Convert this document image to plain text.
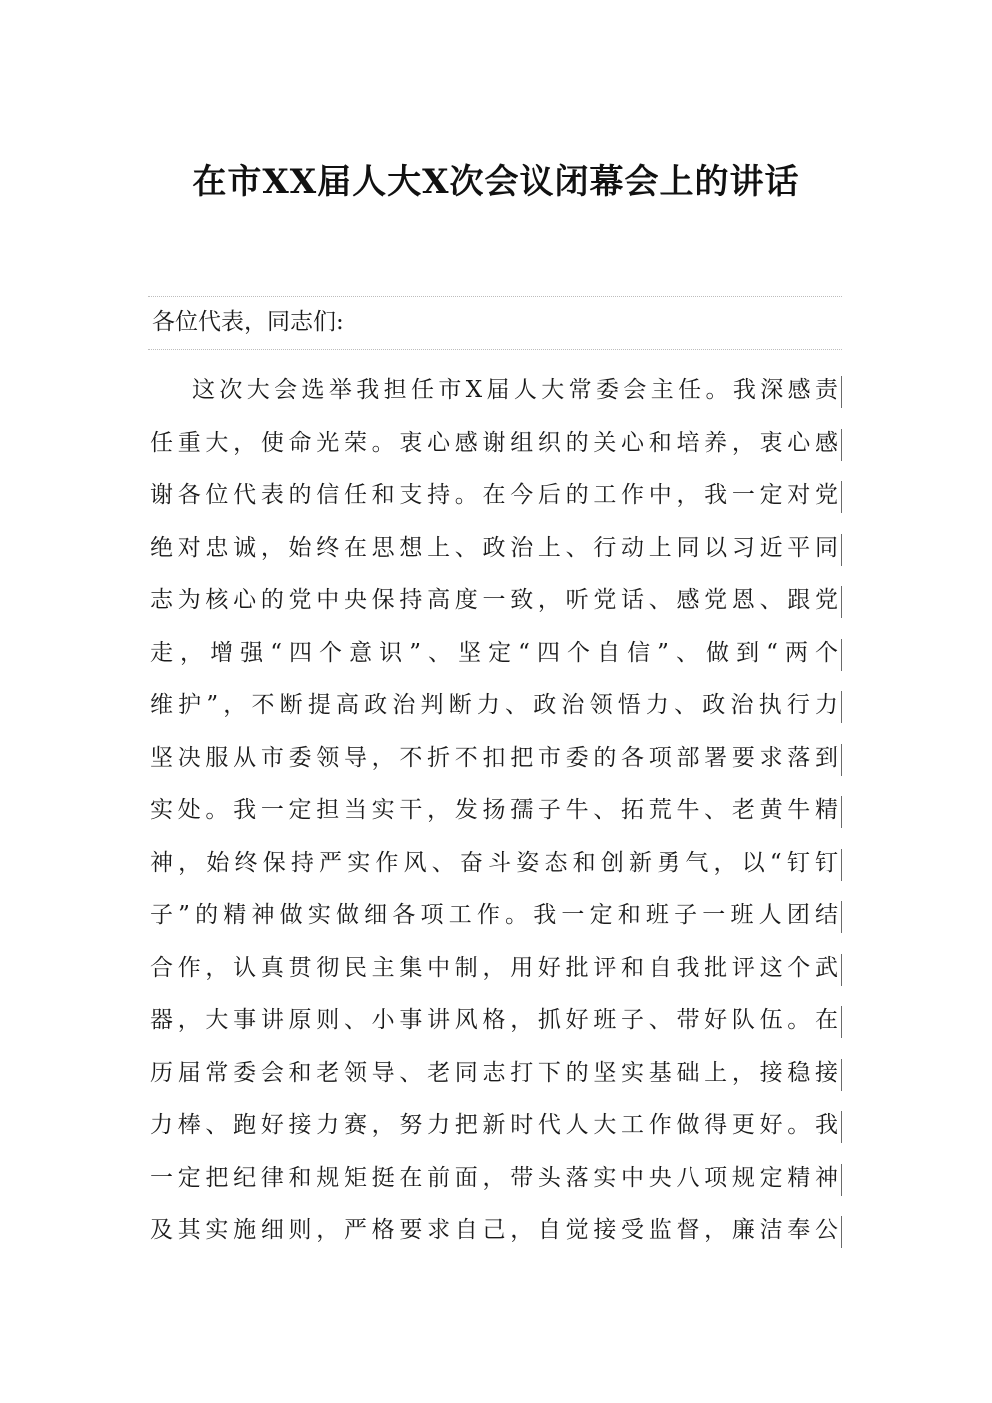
在市XX届人大X次会议闭幕会上的讲话
各位代表，同志们:
这次大会选举我担任市X届人大常委会主任。我深感责
任重大，使命光荣。衷心感谢组织的关心和培养，衷心感
谢各位代表的信任和支持。在今后的工作中，我一定对党
绝对忠诚，始终在思想上、政治上、行动上同以习近平同
志为核心的党中央保持高度一致，听党话、感党恩、跟党
走，增强“四个意识”、坚定“四个自信”、做到“两个
维护”，不断提高政治判断力、政治领悟力、政治执行力
坚决服从市委领导，不折不扣把市委的各项部署要求落到
实处。我一定担当实干，发扬孺子牛、拓荒牛、老黄牛精
神，始终保持严实作风、奋斗姿态和创新勇气，以“钉钉
子”的精神做实做细各项工作。我一定和班子一班人团结
合作，认真贯彻民主集中制，用好批评和自我批评这个武
器，大事讲原则、小事讲风格，抓好班子、带好队伍。在
历届常委会和老领导、老同志打下的坚实基础上，接稳接
力棒、跑好接力赛，努力把新时代人大工作做得更好。我
一定把纪律和规矩挺在前面，带头落实中央八项规定精神
及其实施细则，严格要求自己，自觉接受监督，廉洁奉公
